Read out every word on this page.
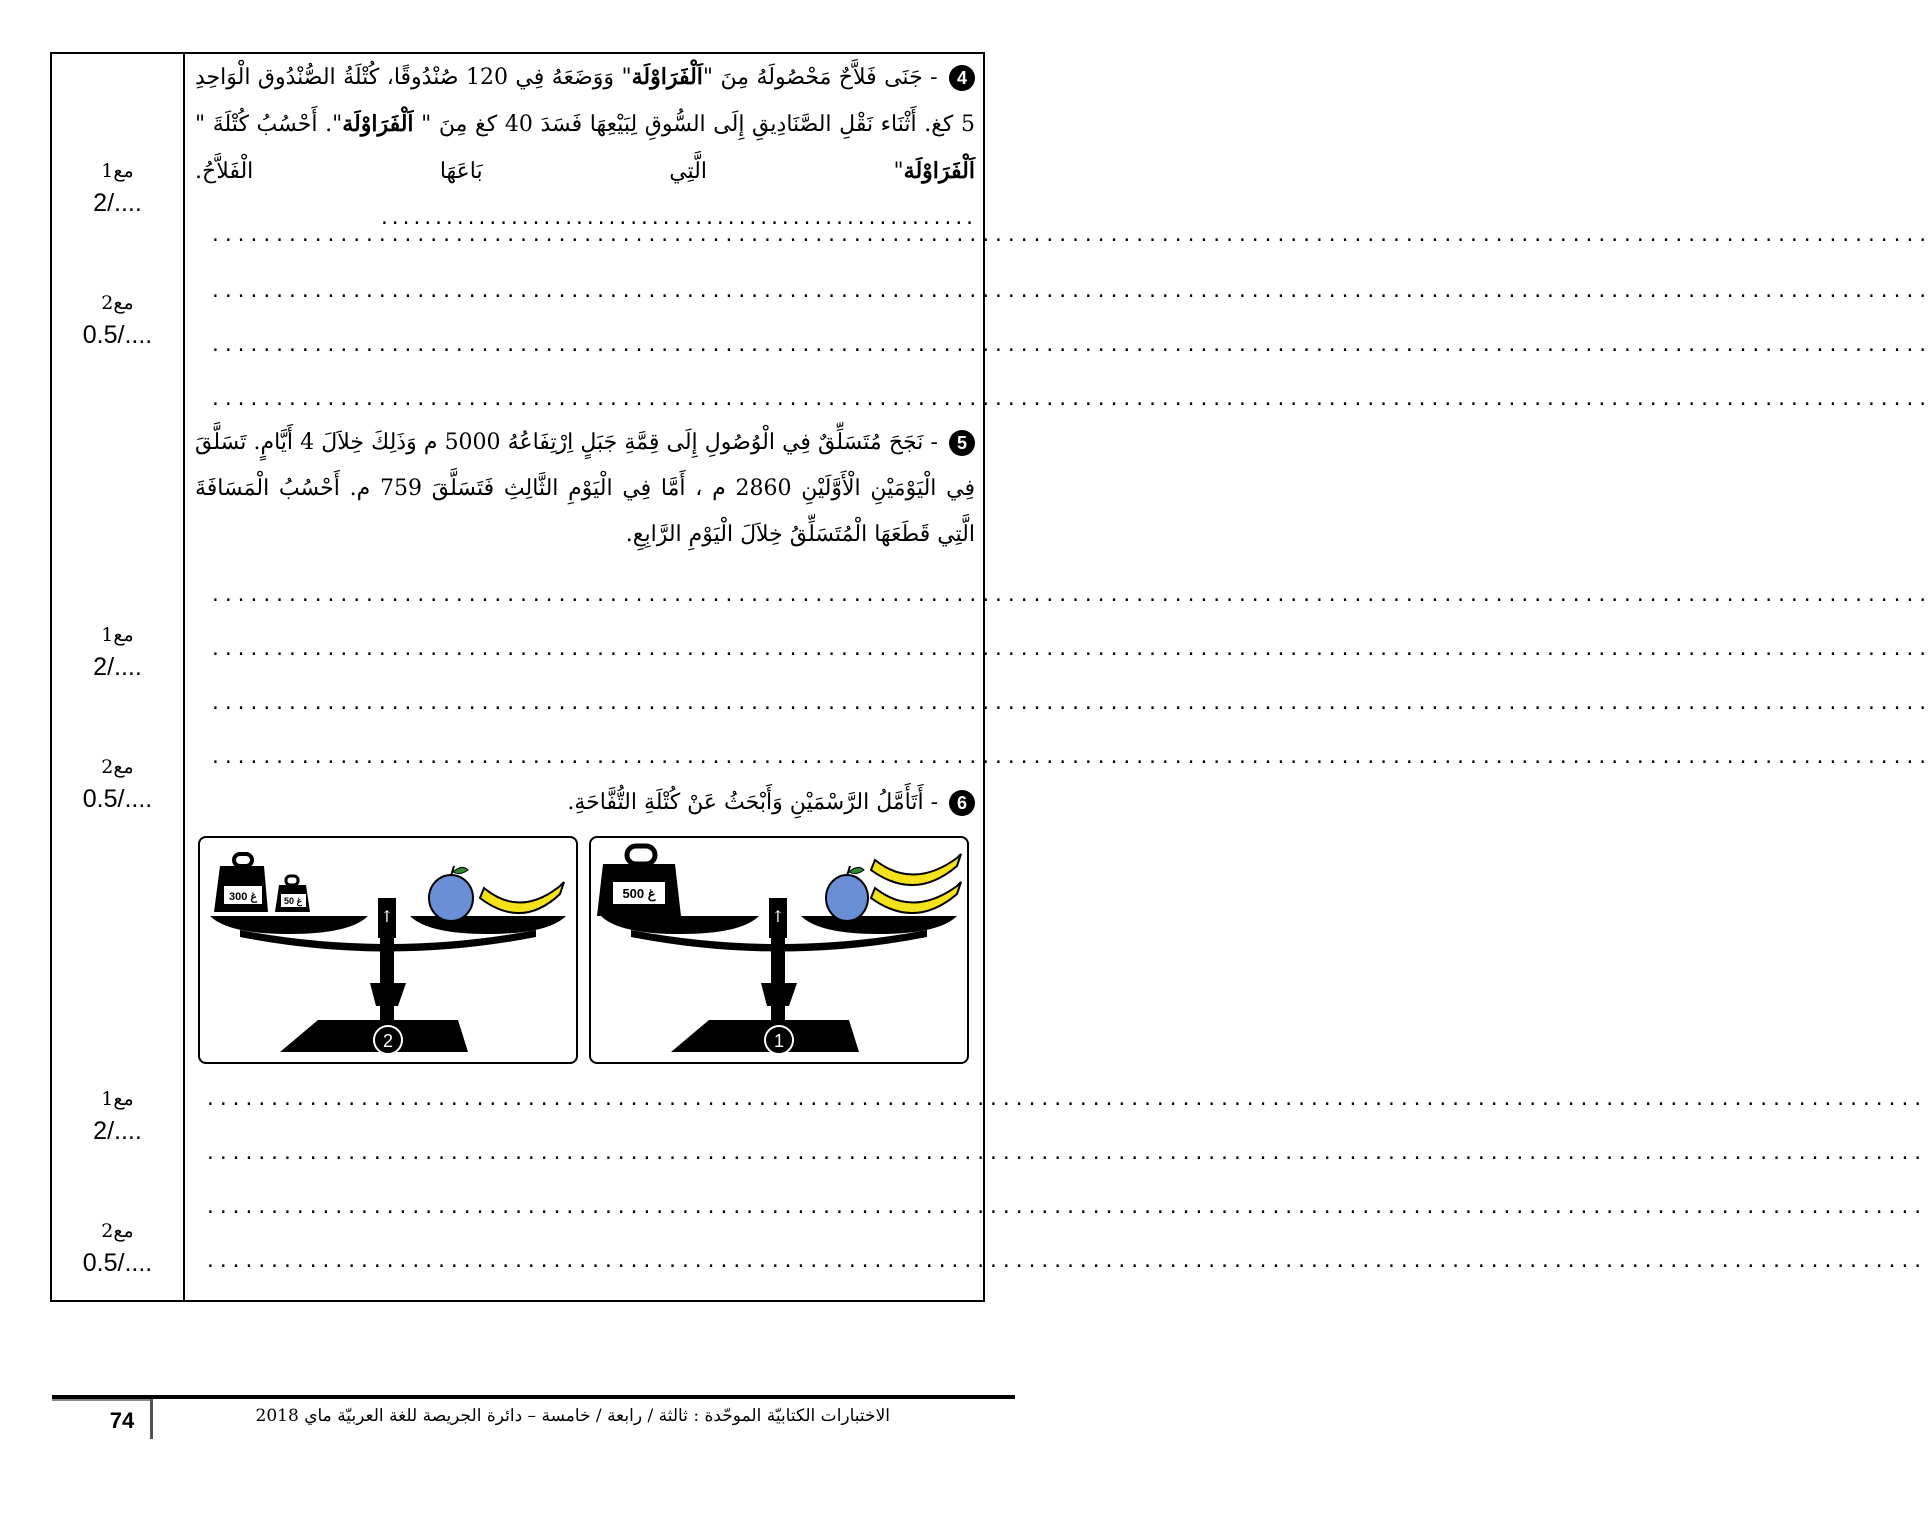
مع1
2/....
مع2
0.5/....
مع1
2/....
مع2
0.5/....
مع1
2/....
مع2
0.5/....
4 - جَنَى فَلاَّحٌ مَحْصُولَهُ مِنَ "اَلْفَرَاوْلَة" وَوَضَعَهُ فِي 120 صُنْدُوقًا، كُتْلَةُ الصُّنْدُوق الْوَاحِدِ 5 كغ. أَثْنَاء نَقْلِ الصَّنَادِيقِ إِلَى السُّوقِ لِبَيْعِهَا فَسَدَ 40 كغ مِنَ " اَلْفَرَاوْلَة". أَحْسُبُ كُتْلَةَ " اَلْفَرَاوْلَة" الَّتِي بَاعَهَا الْفَلاَّحُ. .......................................................
......................................................................................................................................
......................................................................................................................................
......................................................................................................................................
......................................................................................................................................
5 - نَجَحَ مُتَسَلِّقٌ فِي الْوُصُولِ إِلَى قِمَّةِ جَبَلٍ اِرْتِفَاعُهُ 5000 م وَذَلِكَ خِلاَلَ 4 أَيَّامٍ. تَسَلَّقَ فِي الْيَوْمَيْنِ الْأَوَّلَيْنِ 2860 م ، أَمَّا فِي الْيَوْمِ الثَّالِثِ فَتَسَلَّقَ 759 م. أَحْسُبُ الْمَسَافَةَ الَّتِي قَطَعَهَا الْمُتَسَلِّقُ خِلاَلَ الْيَوْمِ الرَّابِعِ.
......................................................................................................................................
......................................................................................................................................
......................................................................................................................................
......................................................................................................................................
6 - أَتَأَمَّلُ الرَّسْمَيْنِ وَأَبْحَثُ عَنْ كُتْلَةِ التُّفَّاحَةِ.
↑
300 غ	50 غ
2
↑
500 غ
1
......................................................................................................................................
......................................................................................................................................
......................................................................................................................................
......................................................................................................................................
74	الاختبارات الكتابيّة الموحّدة : ثالثة / رابعة / خامسة – دائرة الجريصة للغة العربيّة ماي 2018
